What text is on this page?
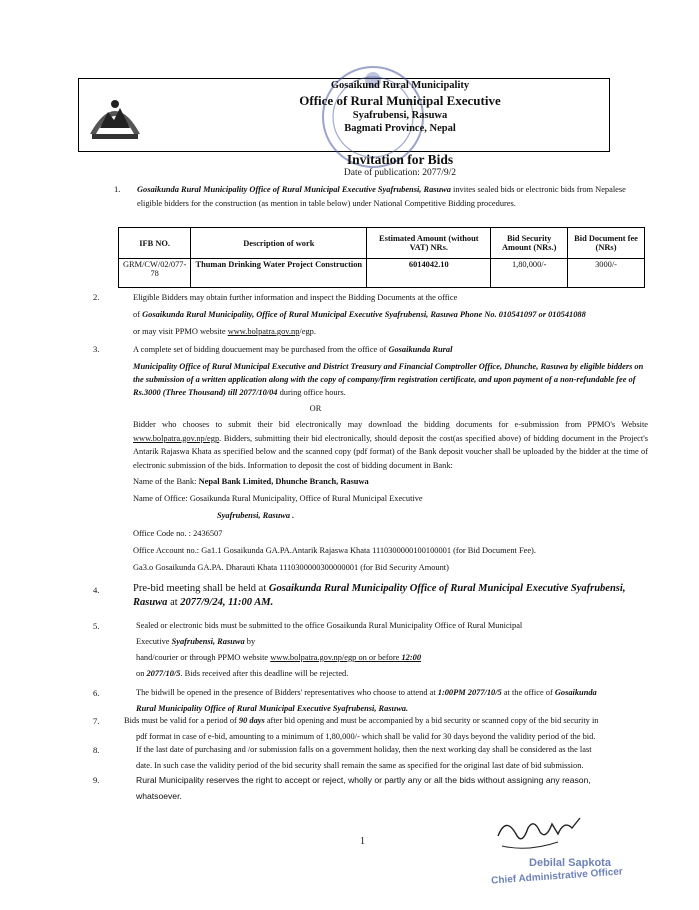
Gosaikund Rural Municipality
Office of Rural Municipal Executive
Syafrubensi, Rasuwa
Bagmati Province, Nepal
Invitation for Bids
Date of publication: 2077/9/2
1. Gosaikunda Rural Municipality Office of Rural Municipal Executive Syafrubensi, Rasuwa invites sealed bids or electronic bids from Nepalese eligible bidders for the construction (as mention in table below) under National Competitive Bidding procedures.
IFB NO.	Description of work	Estimated Amount (without VAT) NRs.	Bid Security Amount (NRs.)	Bid Document fee (NRs)
GRM/CW/02/077-78	Thuman Drinking Water Project Construction	6014042.10	1,80,000/-	3000/-
2.	Eligible Bidders may obtain further information and inspect the Bidding Documents at the office
of Gosaikunda Rural Municipality, Office of Rural Municipal Executive Syafrubensi, Rasuwa Phone No. 010541097 or 010541088
or may visit PPMO website www.bolpatra.gov.np/egp.
3.	A complete set of bidding doucuement may be purchased from the office of Gosaikunda Rural
Municipality Office of Rural Municipal Executive and District Treasury and Financial Comptroller Office, Dhunche, Rasuwa by eligible bidders on the submission of a written application along with the copy of company/firm registration certificate, and upon payment of a non-refundable fee of Rs.3000 (Three Thousand) till 2077/10/04 during office hours.
OR
Bidder who chooses to submit their bid electronically may download the bidding documents for e-submission from PPMO's Website www.bolpatra.gov.np/egp. Bidders, submitting their bid electronically, should deposit the cost(as specified above) of bidding document in the Project's Antarik Rajaswa Khata as specified below and the scanned copy (pdf format) of the Bank deposit voucher shall be uploaded by the bidder at the time of electronic submission of the bids. Information to deposit the cost of bidding document in Bank:
Name of the Bank: Nepal Bank Limited, Dhunche Branch, Rasuwa
Name of Office: Gosaikunda Rural Municipality, Office of Rural Municipal Executive
Syafrubensi, Rasuwa .
Office Code no. : 2436507
Office Account no.: Ga1.1 Gosaikunda GA.PA.Antarik Rajaswa Khata 1110300000100100001 (for Bid Document Fee).
Ga3.o Gosaikunda GA.PA. Dharauti Khata 1110300000300000001 (for Bid Security Amount)
4.	Pre-bid meeting shall be held at Gosaikunda Rural Municipality Office of Rural Municipal Executive Syafrubensi, Rasuwa at 2077/9/24, 11:00 AM.
5.	Sealed or electronic bids must be submitted to the office Gosaikunda Rural Municipality Office of Rural Municipal
Executive Syafrubensi, Rasuwa by
hand/courier or through PPMO website www.bolpatra.gov.np/egp on or before 12:00
on 2077/10/5. Bids received after this deadline will be rejected.
6.	The bidwill be opened in the presence of Bidders' representatives who choose to attend at 1:00PM 2077/10/5 at the office of Gosaikunda
Rural Municipality Office of Rural Municipal Executive Syafrubensi, Rasuwa.
7.	Bids must be valid for a period of 90 days after bid opening and must be accompanied by a bid security or scanned copy of the bid security in
pdf format in case of e-bid, amounting to a minimum of 1,80,000/- which shall be valid for 30 days beyond the validity period of the bid.
8.	If the last date of purchasing and /or submission falls on a government holiday, then the next working day shall be considered as the last
date. In such case the validity period of the bid security shall remain the same as specified for the original last date of bid submission.
9.	Rural Municipality reserves the right to accept or reject, wholly or partly any or all the bids without assigning any reason,
whatsoever.
1
Debilal Sapkota
Chief Administrative Officer
